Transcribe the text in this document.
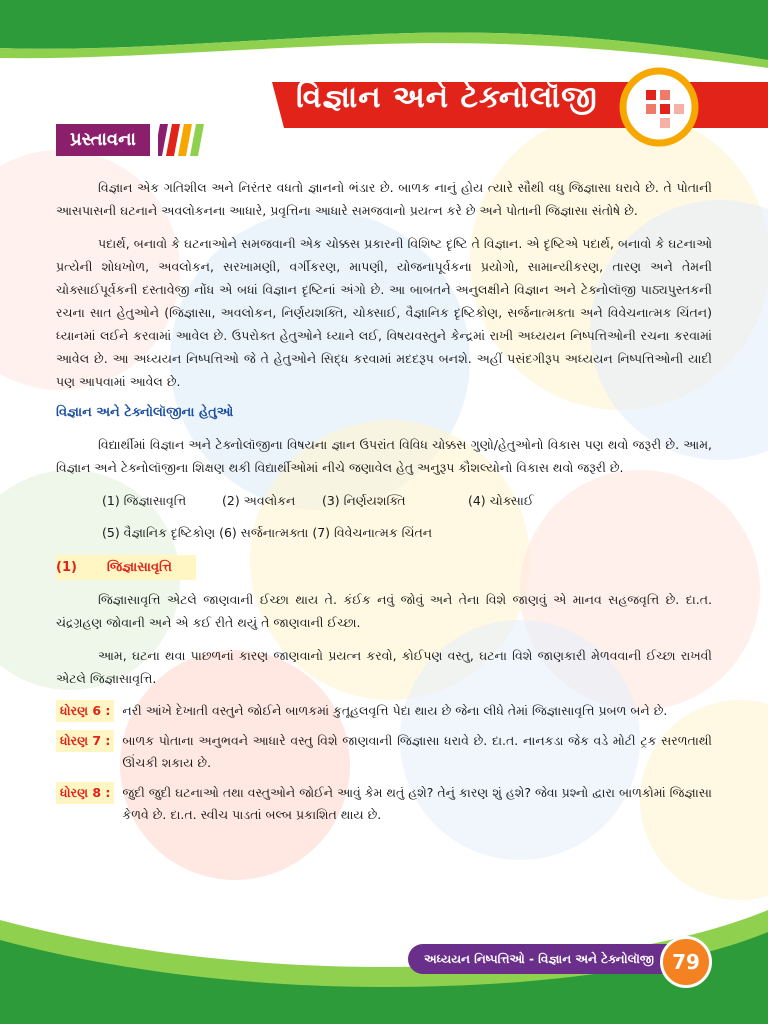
વિજ્ઞાન અને ટેક્નોલૉજી
પ્રસ્તાવના

વિજ્ઞાન એક ગતિશીલ અને નિરંતર વધતો જ્ઞાનનો ભંડાર છે. બાળક નાનું હોય ત્યારે સૌથી વધુ જિજ્ઞાસા ધરાવે છે. તે પોતાની આસપાસની ઘટનાને અવલોકનના આધારે, પ્રવૃત્તિના આધારે સમજવાનો પ્રયત્ન કરે છે અને પોતાની જિજ્ઞાસા સંતોષે છે.

પદાર્થ, બનાવો કે ઘટનાઓને સમજવાની એક ચોક્કસ પ્રકારની વિશિષ્ટ દૃષ્ટિ તે વિજ્ઞાન. એ દૃષ્ટિએ પદાર્થ, બનાવો કે ઘટનાઓ પ્રત્યેની શોધખોળ, અવલોકન, સરખામણી, વર્ગીકરણ, માપણી, યોજનાપૂર્વકના પ્રયોગો, સામાન્યીકરણ, તારણ અને તેમની ચોક્સાઈપૂર્વકની દસ્તાવેજી નોંધ એ બધાં વિજ્ઞાન દૃષ્ટિનાં અંગો છે. આ બાબતને અનુલક્ષીને વિજ્ઞાન અને ટેક્નોલૉજી પાઠ્યપુસ્તકની રચના સાત હેતુઓને (જિજ્ઞાસા, અવલોકન, નિર્ણયશક્તિ, ચોક્સાઈ, વૈજ્ઞાનિક દૃષ્ટિકોણ, સર્જનાત્મક્તા અને વિવેચનાત્મક ચિંતન) ધ્યાનમાં લઈને કરવામાં આવેલ છે. ઉપરોક્ત હેતુઓને ધ્યાને લઈ, વિષયવસ્તુને કેન્દ્રમાં રાખી અધ્યયન નિષ્પત્તિઓની રચના કરવામાં આવેલ છે. આ અધ્યયન નિષ્પત્તિઓ જે તે હેતુઓને સિદ્ધ કરવામાં મદદરૂપ બનશે. અહીં પસંદગીરૂપ અધ્યયન નિષ્પત્તિઓની યાદી પણ આપવામાં આવેલ છે.

વિજ્ઞાન અને ટેક્નોલૉજીના હેતુઓ

વિદ્યાર્થીમાં વિજ્ઞાન અને ટેક્નોલૉજીના વિષયના જ્ઞાન ઉપરાંત વિવિધ ચોક્કસ ગુણો/હેતુઓનો વિકાસ પણ થવો જરૂરી છે. આમ, વિજ્ઞાન અને ટેક્નોલૉજીના શિક્ષણ થકી વિદ્યાર્થીઓમાં નીચે જણાવેલ હેતુ અનુરૂપ કૌશલ્યોનો વિકાસ થવો જરૂરી છે.

(1) જિજ્ઞાસાવૃત્તિ	(2) અવલોકન (3) નિર્ણયશક્તિ	(4) ચોક્સાઈ
(5) વૈજ્ઞાનિક દૃષ્ટિકોણ (6) સર્જનાત્મક્તા (7) વિવેચનાત્મક ચિંતન
(1) જિજ્ઞાસાવૃત્તિ

જિજ્ઞાસાવૃત્તિ એટલે જાણવાની ઈચ્છા થાય તે. કંઈક નવું જોવું અને તેના વિશે જાણવું એ માનવ સહજવૃત્તિ છે. દા.ત. ચંદ્રગ્રહણ જોવાની અને એ કઈ રીતે થયું તે જાણવાની ઈચ્છા.

આમ, ઘટના થવા પાછળનાં કારણ જાણવાનો પ્રયત્ન કરવો, કોઈપણ વસ્તુ, ઘટના વિશે જાણકારી મેળવવાની ઈચ્છા રાખવી એટલે જિજ્ઞાસાવૃત્તિ.

ધોરણ 6 : નરી આંખે દેખાતી વસ્તુને જોઈને બાળકમાં કુતૂહલવૃત્તિ પેદા થાય છે જેના લીધે તેમાં જિજ્ઞાસાવૃત્તિ પ્રબળ બને છે.
ધોરણ 7 : બાળક પોતાના અનુભવને આધારે વસ્તુ વિશે જાણવાની જિજ્ઞાસા ધરાવે છે. દા.ત. નાનકડા જેક વડે મોટી ટ્રક સરળતાથી ઊંચકી શકાય છે.
ધોરણ 8 : જુદી જુદી ઘટનાઓ તથા વસ્તુઓને જોઈને આવું કેમ થતું હશે? તેનું કારણ શું હશે? જેવા પ્રશ્નો દ્વારા બાળકોમાં જિજ્ઞાસા કેળવે છે. દા.ત. સ્વીચ પાડતાં બલ્બ પ્રકાશિત થાય છે.
અધ્યયન નિષ્પત્તિઓ - વિજ્ઞાન અને ટેક્નોલૉજી 79
